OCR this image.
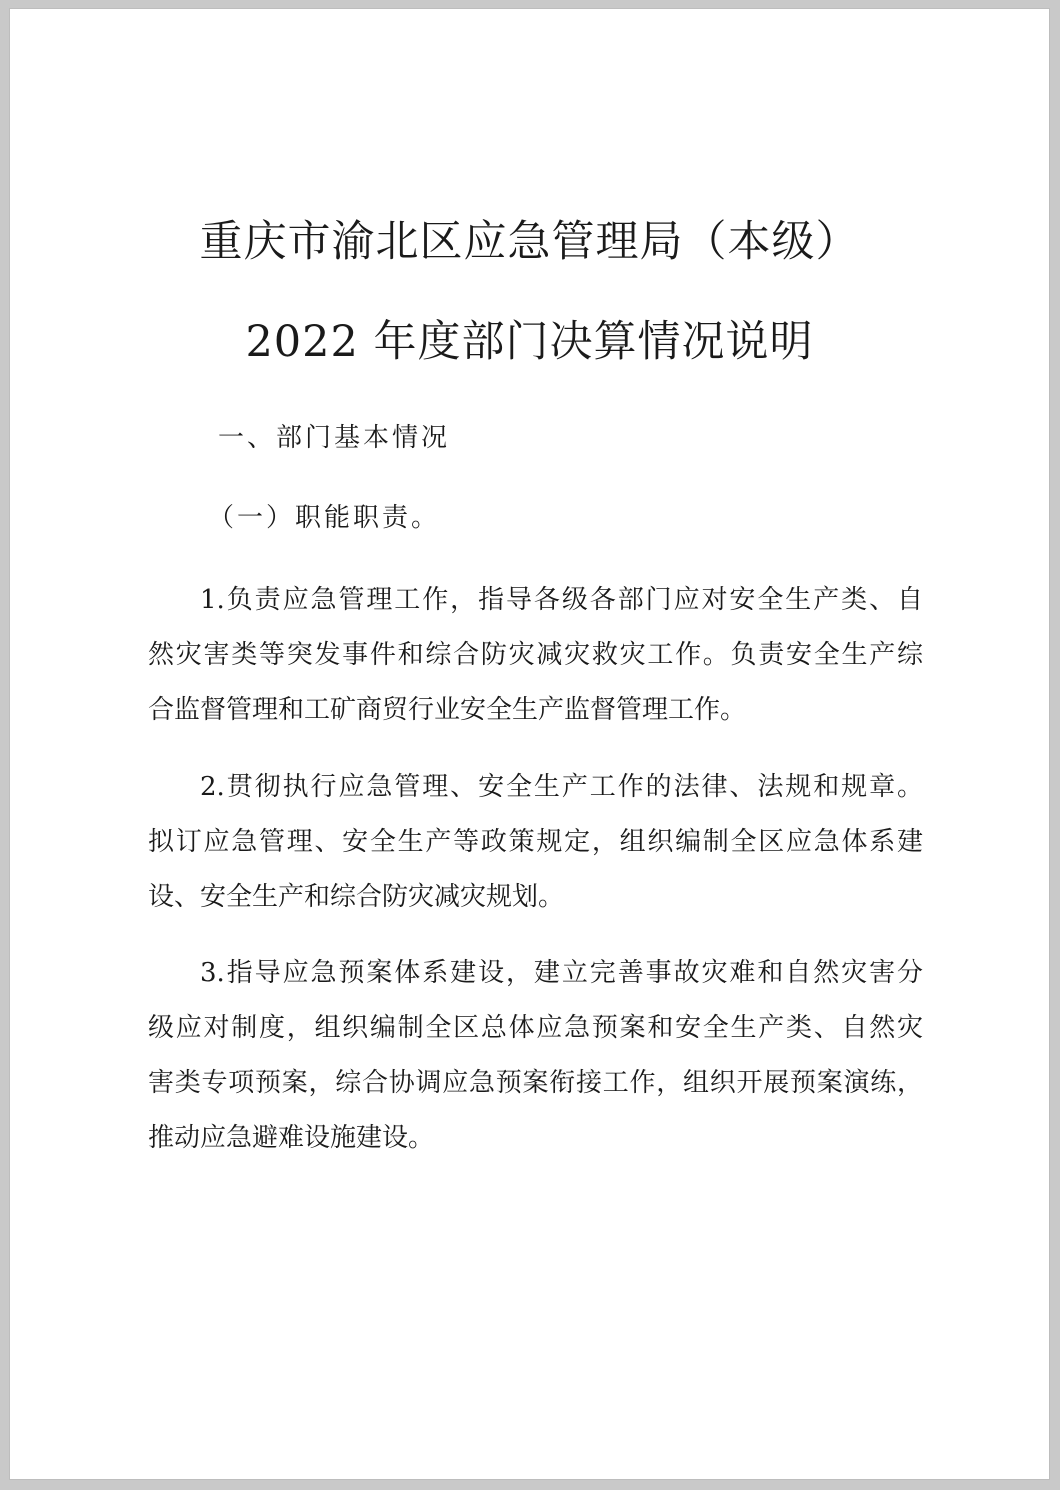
重庆市渝北区应急管理局（本级）
2022 年度部门决算情况说明
一、部门基本情况
（一）职能职责。
1.负责应急管理工作，指导各级各部门应对安全生产类、自
然灾害类等突发事件和综合防灾减灾救灾工作。负责安全生产综
合监督管理和工矿商贸行业安全生产监督管理工作。
2.贯彻执行应急管理、安全生产工作的法律、法规和规章。
拟订应急管理、安全生产等政策规定，组织编制全区应急体系建
设、安全生产和综合防灾减灾规划。
3.指导应急预案体系建设，建立完善事故灾难和自然灾害分
级应对制度，组织编制全区总体应急预案和安全生产类、自然灾
害类专项预案，综合协调应急预案衔接工作，组织开展预案演练，
推动应急避难设施建设。
